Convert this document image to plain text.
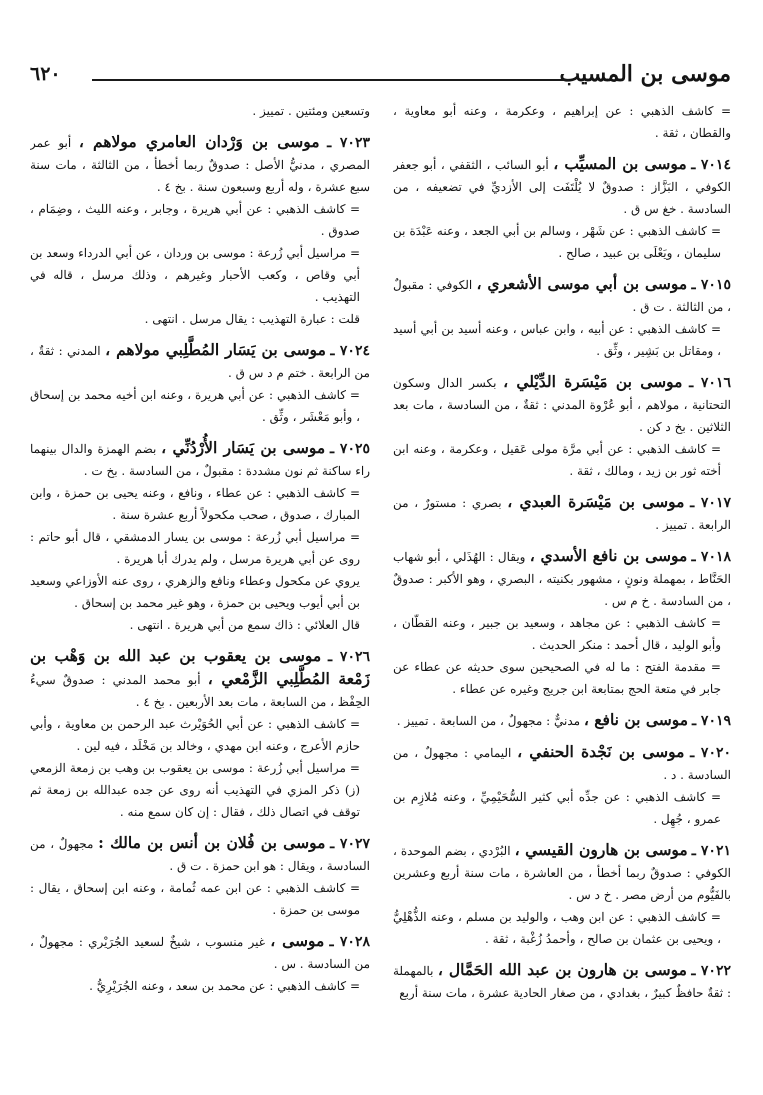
موسى بن المسيب
٦٢٠

= كاشف الذهبي : عن إبراهيم ، وعكرمة ، وعنه أبو معاوية ، والقطان ، ثقة .

٧٠١٤ ـ موسى بن المسيِّب ، أبو السائب ، الثقفي ، أبو جعفر الكوفي ، البَزَّاز : صدوقٌ لا يُلْتَفَت إلى الأزديِّ في تضعيفه ، من السادسة . خغ س ق .

= كاشف الذهبي : عن شَهْر ، وسالم بن أبي الجعد ، وعنه عَبْدَة بن سليمان ، ويَعْلَى بن عبيد ، صالح .

٧٠١٥ ـ موسى بن أبي موسى الأشعري ، الكوفي : مقبولٌ ، من الثالثة . ت ق .

= كاشف الذهبي : عن أبيه ، وابن عباس ، وعنه أسيد بن أبي أسيد ، ومقاتل بن بَشِير ، وثِّق .

٧٠١٦ ـ موسى بن مَيْسَرة الدِّيْلي ، بكسر الدال وسكون التحتانية ، مولاهم ، أبو عُرْوة المدني : ثقةٌ ، من السادسة ، مات بعد الثلاثين . بخ د كن .

= كاشف الذهبي : عن أبي مرَّة مولى عَقيل ، وعكرمة ، وعنه ابن أخته ثور بن زيد ، ومالك ، ثقة .

٧٠١٧ ـ موسى بن مَيْسَرة العبدي ، بصري : مستورٌ ، من الرابعة . تمييز .

٧٠١٨ ـ موسى بن نافع الأسدي ، ويقال : الهُذَلي ، أبو شهاب الحَنَّاط ، بمهملة ونونٍ ، مشهور بكنيته ، البصري ، وهو الأكبر : صدوقٌ ، من السادسة . خ م س .

= كاشف الذهبي : عن مجاهد ، وسعيد بن جبير ، وعنه القطّان ، وأبو الوليد ، قال أحمد : منكر الحديث .

= مقدمة الفتح : ما له في الصحيحين سوى حديثه عن عطاء عن جابر في متعة الحج بمتابعة ابن جريج وغيره عن عطاء .

٧٠١٩ ـ موسى بن نافع ، مدنيٌّ : مجهولٌ ، من السابعة . تمييز .

٧٠٢٠ ـ موسى بن نَجْدة الحنفي ، اليمامي : مجهولٌ ، من السادسة . د .

= كاشف الذهبي : عن جدِّه أبي كثير السُّحَيْمِيِّ ، وعنه مُلازِم بن عمرو ، جُهِل .

٧٠٢١ ـ موسى بن هارون القيسي ، البُرْدي ، بضم الموحدة ، الكوفي : صدوقٌ ربما أخطأ ، من العاشرة ، مات سنة أربع وعشرين بالفَيُّوم من أرض مصر . خ د س .

= كاشف الذهبي : عن ابن وهب ، والوليد بن مسلم ، وعنه الذُّهْلِيُّ ، ويحيى بن عثمان بن صالح ، وأحمدُ زُغْبة ، ثقة .

٧٠٢٢ ـ موسى بن هارون بن عبد الله الحَمَّال ، بالمهملة : ثقةٌ حافظٌ كبيرٌ ، بغدادي ، من صغار الحادية عشرة ، مات سنة أربع

وتسعين ومئتين . تمييز .

٧٠٢٣ ـ موسى بن وَرْدان العامري مولاهم ، أبو عمر المصري ، مدنيُّ الأصل : صدوقٌ ربما أخطأ ، من الثالثة ، مات سنة سبع عشرة ، وله أربع وسبعون سنة . بخ ٤ .

= كاشف الذهبي : عن أبي هريرة ، وجابر ، وعنه الليث ، وضِمَام ، صدوق .

= مراسيل أبي زُرعة : موسى بن وردان ، عن أبي الدرداء وسعد بن أبي وقاص ، وكعب الأحبار وغيرهم ، وذلك مرسل ، قاله في التهذيب .

قلت : عبارة التهذيب : يقال مرسل . انتهى .

٧٠٢٤ ـ موسى بن يَسَار المُطَّلِبي مولاهم ، المدني : ثقةٌ ، من الرابعة . ختم م د س ق .

= كاشف الذهبي : عن أبي هريرة ، وعنه ابن أخيه محمد بن إسحاق ، وأبو مَعْشَر ، وثِّق .

٧٠٢٥ ـ موسى بن يَسَار الأُرْدُنِّي ، بضم الهمزة والدال بينهما راء ساكنة ثم نون مشددة : مقبولٌ ، من السادسة . بخ ت .

= كاشف الذهبي : عن عطاء ، ونافع ، وعنه يحيى بن حمزة ، وابن المبارك ، صدوق ، صحب مكحولاً أربع عشرة سنة .

= مراسيل أبي زُرعة : موسى بن يسار الدمشقي ، قال أبو حاتم : روى عن أبي هريرة مرسل ، ولم يدرك أبا هريرة .

يروي عن مكحول وعطاء ونافع والزهري ، روى عنه الأوزاعي وسعيد بن أبي أيوب ويحيى بن حمزة ، وهو غير محمد بن إسحاق .

قال العلائي : ذاك سمع من أبي هريرة . انتهى .

٧٠٢٦ ـ موسى بن يعقوب بن عبد الله بن وَهْب بن زَمْعة المُطَّلِبي الزَّمْعي ، أبو محمد المدني : صدوقٌ سيءُ الحِفْظ ، من السابعة ، مات بعد الأربعين . بخ ٤ .

= كاشف الذهبي : عن أبي الحُوَيْرث عبد الرحمن بن معاوية ، وأبي حازم الأعرج ، وعنه ابن مهدي ، وخالد بن مَخْلَد ، فيه لين .

= مراسيل أبي زُرعة : موسى بن يعقوب بن وهب بن زمعة الزمعي (ز) ذكر المزي في التهذيب أنه روى عن جده عبدالله بن زمعة ثم توقف في اتصال ذلك ، فقال : إن كان سمع منه .

٧٠٢٧ ـ موسى بن فُلان بن أنس بن مالك : مجهولٌ ، من السادسة ، ويقال : هو ابن حمزة . ت ق .

= كاشف الذهبي : عن ابن عمه ثُمامة ، وعنه ابن إسحاق ، يقال : موسى بن حمزة .

٧٠٢٨ ـ موسى ، غير منسوب ، شيخٌ لسعيد الجُرَيْري : مجهولٌ ، من السادسة . س .

= كاشف الذهبي : عن محمد بن سعد ، وعنه الجُرَيْرِيُّ .
